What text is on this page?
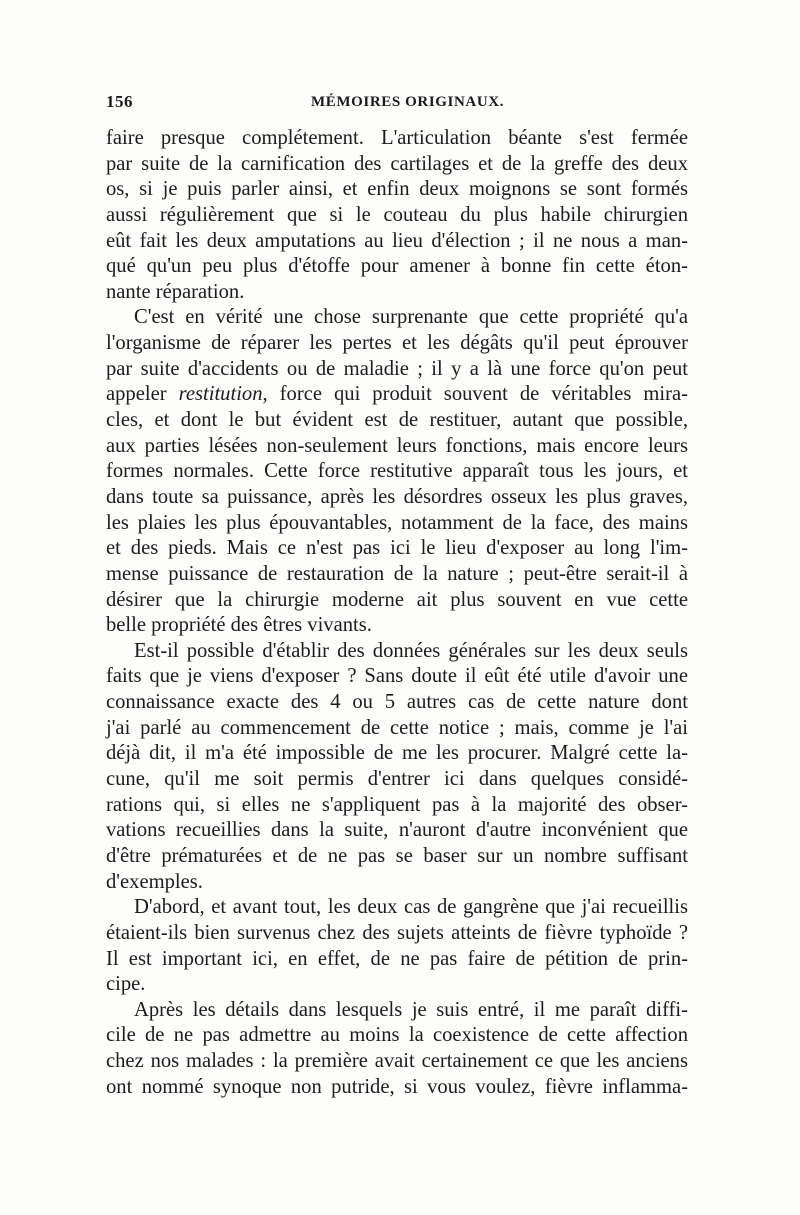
156	MÉMOIRES ORIGINAUX.
faire presque complétement. L'articulation béante s'est fermée
par suite de la carnification des cartilages et de la greffe des deux
os, si je puis parler ainsi, et enfin deux moignons se sont formés
aussi régulièrement que si le couteau du plus habile chirurgien
eût fait les deux amputations au lieu d'élection ; il ne nous a man-
qué qu'un peu plus d'étoffe pour amener à bonne fin cette éton-
nante réparation.
C'est en vérité une chose surprenante que cette propriété qu'a
l'organisme de réparer les pertes et les dégâts qu'il peut éprouver
par suite d'accidents ou de maladie ; il y a là une force qu'on peut
appeler restitution, force qui produit souvent de véritables mira-
cles, et dont le but évident est de restituer, autant que possible,
aux parties lésées non-seulement leurs fonctions, mais encore leurs
formes normales. Cette force restitutive apparaît tous les jours, et
dans toute sa puissance, après les désordres osseux les plus graves,
les plaies les plus épouvantables, notamment de la face, des mains
et des pieds. Mais ce n'est pas ici le lieu d'exposer au long l'im-
mense puissance de restauration de la nature ; peut-être serait-il à
désirer que la chirurgie moderne ait plus souvent en vue cette
belle propriété des êtres vivants.
Est-il possible d'établir des données générales sur les deux seuls
faits que je viens d'exposer ? Sans doute il eût été utile d'avoir une
connaissance exacte des 4 ou 5 autres cas de cette nature dont
j'ai parlé au commencement de cette notice ; mais, comme je l'ai
déjà dit, il m'a été impossible de me les procurer. Malgré cette la-
cune, qu'il me soit permis d'entrer ici dans quelques considé-
rations qui, si elles ne s'appliquent pas à la majorité des obser-
vations recueillies dans la suite, n'auront d'autre inconvénient que
d'être prématurées et de ne pas se baser sur un nombre suffisant
d'exemples.
D'abord, et avant tout, les deux cas de gangrène que j'ai recueillis
étaient-ils bien survenus chez des sujets atteints de fièvre typhoïde ?
Il est important ici, en effet, de ne pas faire de pétition de prin-
cipe.
Après les détails dans lesquels je suis entré, il me paraît diffi-
cile de ne pas admettre au moins la coexistence de cette affection
chez nos malades : la première avait certainement ce que les anciens
ont nommé synoque non putride, si vous voulez, fièvre inflamma-
